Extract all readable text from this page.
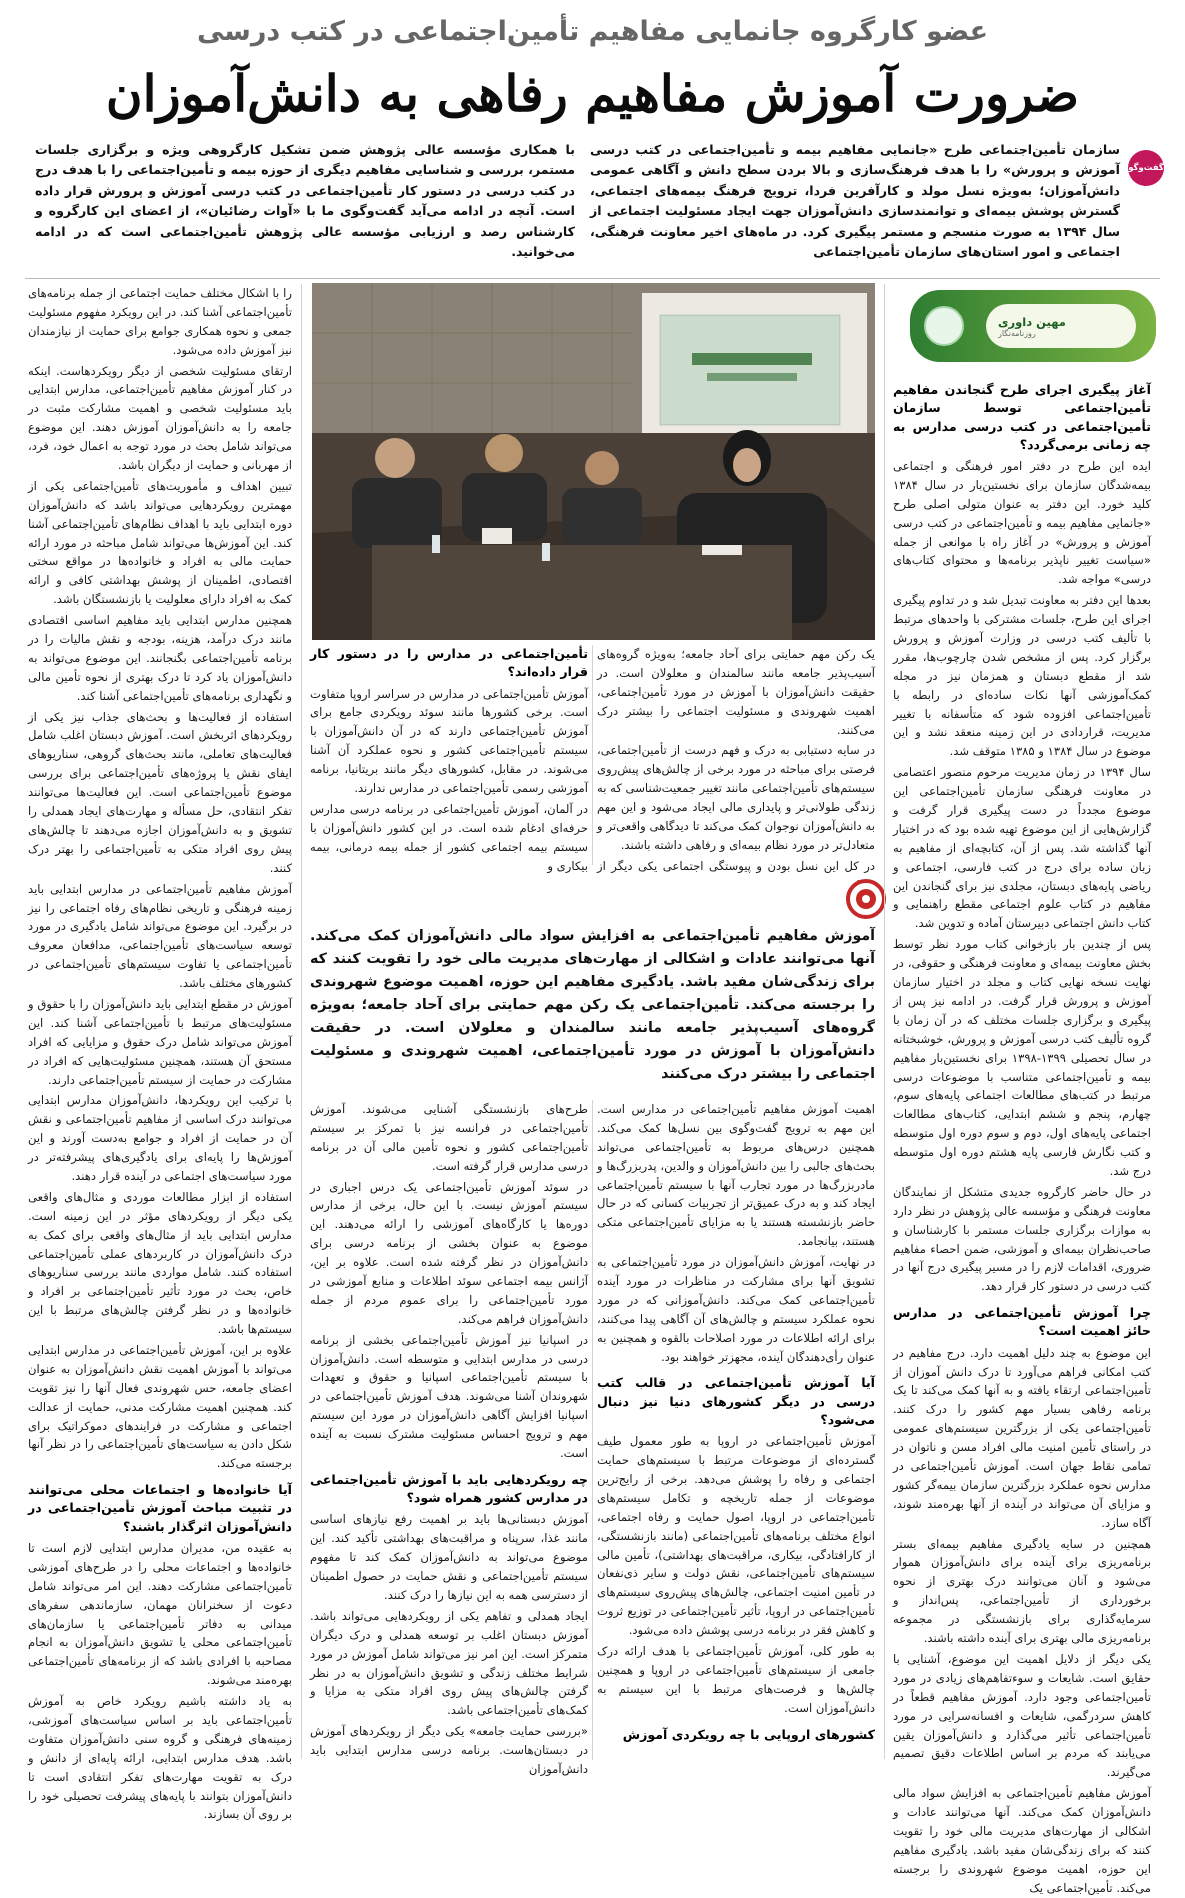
عضو کارگروه جانمایی مفاهیم تأمین‌اجتماعی در کتب درسی
ضرورت آموزش مفاهیم رفاهی به دانش‌آموزان
گفت‌وگو
سازمان تأمین‌اجتماعی طرح «جانمایی مفاهیم بیمه و تأمین‌اجتماعی در کتب درسی آموزش و پرورش» را با هدف فرهنگ‌سازی و بالا بردن سطح دانش و آگاهی عمومی دانش‌آموزان؛ به‌ویژه نسل مولد و کارآفرین فردا، ترویج فرهنگ بیمه‌های اجتماعی، گسترش پوشش بیمه‌ای و توانمندسازی دانش‌آموزان جهت ایجاد مسئولیت اجتماعی از سال ۱۳۹۴ به صورت منسجم و مستمر پیگیری کرد. در ماه‌های اخیر معاونت فرهنگی، اجتماعی و امور استان‌های سازمان تأمین‌اجتماعی
با همکاری مؤسسه عالی پژوهش ضمن تشکیل کارگروهی ویژه و برگزاری جلسات مستمر، بررسی و شناسایی مفاهیم دیگری از حوزه بیمه و تأمین‌اجتماعی را با هدف درج در کتب درسی در دستور کار تأمین‌اجتماعی در کتب درسی آموزش و پرورش قرار داده است. آنچه در ادامه می‌آید گفت‌وگوی ما با «آوات رضائیان»، از اعضای این کارگروه و کارشناس رصد و ارزیابی مؤسسه عالی پژوهش تأمین‌اجتماعی است که در ادامه می‌خوانید.
مهین داوری
روزنامه‌نگار
آغاز پیگیری اجرای طرح گنجاندن مفاهیم تأمین‌اجتماعی توسط سازمان تأمین‌اجتماعی در کتب درسی مدارس به چه زمانی برمی‌گردد؟

ایده این طرح در دفتر امور فرهنگی و اجتماعی بیمه‌شدگان سازمان برای نخستین‌بار در سال ۱۳۸۴ کلید خورد. این دفتر به عنوان متولی اصلی طرح «جانمایی مفاهیم بیمه و تأمین‌اجتماعی در کتب درسی آموزش و پرورش» در آغاز راه با موانعی از جمله «سیاست تغییر ناپذیر برنامه‌ها و محتوای کتاب‌های درسی» مواجه شد.

بعدها این دفتر به معاونت تبدیل شد و در تداوم پیگیری اجرای این طرح، جلسات مشترکی با واحدهای مرتبط با تألیف کتب درسی در وزارت آموزش و پرورش برگزار کرد. پس از مشخص شدن چارچوب‌ها، مقرر شد از مقطع دبستان و همزمان نیز در مجله کمک‌آموزشی آنها نکات ساده‌ای در رابطه با تأمین‌اجتماعی افزوده شود که متأسفانه با تغییر مدیریت، قراردادی در این زمینه منعقد نشد و این موضوع در سال ۱۳۸۴ و ۱۳۸۵ متوقف شد.

سال ۱۳۹۴ در زمان مدیریت مرحوم منصور اعتصامی در معاونت فرهنگی سازمان تأمین‌اجتماعی این موضوع مجدداً در دست پیگیری قرار گرفت و گزارش‌هایی از این موضوع تهیه شده بود که در اختیار آنها گذاشته شد. پس از آن، کتابچه‌ای از مفاهیم به زبان ساده برای درج در کتب فارسی، اجتماعی و ریاضی پایه‌های دبستان، مجلدی نیز برای گنجاندن این مفاهیم در کتاب علوم اجتماعی مقطع راهنمایی و کتاب دانش اجتماعی دبیرستان آماده و تدوین شد.

پس از چندین بار بازخوانی کتاب مورد نظر توسط بخش معاونت بیمه‌ای و معاونت فرهنگی و حقوقی، در نهایت نسخه نهایی کتاب و مجلد در اختیار سازمان آموزش و پرورش قرار گرفت. در ادامه نیز پس از پیگیری و برگزاری جلسات مختلف که در آن زمان با گروه تألیف کتب درسی آموزش و پرورش، خوشبختانه در سال تحصیلی ۱۳۹۹-۱۳۹۸ برای نخستین‌بار مفاهیم بیمه و تأمین‌اجتماعی متناسب با موضوعات درسی مرتبط در کتب‌های مطالعات اجتماعی پایه‌های سوم، چهارم، پنجم و ششم ابتدایی، کتاب‌های مطالعات اجتماعی پایه‌های اول، دوم و سوم دوره اول متوسطه و کتب نگارش فارسی پایه هشتم دوره اول متوسطه درج شد.

در حال حاضر کارگروه جدیدی متشکل از نمایندگان معاونت فرهنگی و مؤسسه عالی پژوهش در نظر دارد به موازات برگزاری جلسات مستمر با کارشناسان و صاحب‌نظران بیمه‌ای و آموزشی، ضمن احصاء مفاهیم ضروری، اقدامات لازم را در مسیر پیگیری درج آنها در کتب درسی در دستور کار قرار دهد.

چرا آموزش تأمین‌اجتماعی در مدارس حائز اهمیت است؟

این موضوع به چند دلیل اهمیت دارد. درج مفاهیم در کتب امکانی فراهم می‌آورد تا درک دانش آموزان از تأمین‌اجتماعی ارتقاء یافته و به آنها کمک می‌کند تا یک برنامه رفاهی بسیار مهم کشور را درک کنند. تأمین‌اجتماعی یکی از بزرگترین سیستم‌های عمومی در راستای تأمین امنیت مالی افراد مسن و ناتوان در تمامی نقاط جهان است. آموزش تأمین‌اجتماعی در مدارس نحوه عملکرد بزرگترین سازمان بیمه‌گر کشور و مزایای آن می‌تواند در آینده از آنها بهره‌مند شوند، آگاه سازد.

همچنین در سایه یادگیری مفاهیم بیمه‌ای بستر برنامه‌ریزی برای آینده برای دانش‌آموزان هموار می‌شود و آنان می‌توانند درک بهتری از نحوه برخورداری از تأمین‌اجتماعی، پس‌انداز و سرمایه‌گذاری برای بازنشستگی در مجموعه برنامه‌ریزی مالی بهتری برای آینده داشته باشند.

یکی دیگر از دلایل اهمیت این موضوع، آشنایی با حقایق است. شایعات و سوءتفاهم‌های زیادی در مورد تأمین‌اجتماعی وجود دارد. آموزش مفاهیم قطعاً در کاهش سردرگمی، شایعات و افسانه‌سرایی در مورد تأمین‌اجتماعی تأثیر می‌گذارد و دانش‌آموزان یقین می‌یابند که مردم بر اساس اطلاعات دقیق تصمیم می‌گیرند.

آموزش مفاهیم تأمین‌اجتماعی به افزایش سواد مالی دانش‌آموزان کمک می‌کند. آنها می‌توانند عادات و اشکالی از مهارت‌های مدیریت مالی خود را تقویت کنند که برای زندگی‌شان مفید باشد. یادگیری مفاهیم این حوزه، اهمیت موضوع شهروندی را برجسته می‌کند. تأمین‌اجتماعی یک

یک رکن مهم حمایتی برای آحاد جامعه؛ به‌ویژه گروه‌های آسیب‌پذیر جامعه مانند سالمندان و معلولان است. در حقیقت دانش‌آموزان با آموزش در مورد تأمین‌اجتماعی، اهمیت شهروندی و مسئولیت اجتماعی را بیشتر درک می‌کنند.

در سایه دستیابی به درک و فهم درست از تأمین‌اجتماعی، فرصتی برای مباحثه در مورد برخی از چالش‌های پیش‌روی سیستم‌های تأمین‌اجتماعی مانند تغییر جمعیت‌شناسی که به زندگی طولانی‌تر و پایداری مالی ایجاد می‌شود و این مهم به دانش‌آموزان نوجوان کمک می‌کند تا دیدگاهی واقعی‌تر و متعادل‌تر در مورد نظام بیمه‌ای و رفاهی داشته باشند.

در کل این نسل بودن و پیوستگی اجتماعی یکی دیگر از

تأمین‌اجتماعی در مدارس را در دستور کار قرار داده‌اند؟

آموزش تأمین‌اجتماعی در مدارس در سراسر اروپا متفاوت است. برخی کشورها مانند سوئد رویکردی جامع برای آموزش تأمین‌اجتماعی دارند که در آن دانش‌آموزان با سیستم تأمین‌اجتماعی کشور و نحوه عملکرد آن آشنا می‌شوند. در مقابل، کشورهای دیگر مانند بریتانیا، برنامه آموزشی رسمی تأمین‌اجتماعی در مدارس ندارند.

در آلمان، آموزش تأمین‌اجتماعی در برنامه درسی مدارس حرفه‌ای ادغام شده است. در این کشور دانش‌آموزان با سیستم بیمه اجتماعی کشور از جمله بیمه درمانی، بیمه بیکاری و

آموزش مفاهیم تأمین‌اجتماعی به افزایش سواد مالی دانش‌آموزان کمک می‌کند. آنها می‌توانند عادات و اشکالی از مهارت‌های مدیریت مالی خود را تقویت کنند که برای زندگی‌شان مفید باشد. یادگیری مفاهیم این حوزه، اهمیت موضوع شهروندی را برجسته می‌کند. تأمین‌اجتماعی یک رکن مهم حمایتی برای آحاد جامعه؛ به‌ویژه گروه‌های آسیب‌پذیر جامعه مانند سالمندان و معلولان است. در حقیقت دانش‌آموزان با آموزش در مورد تأمین‌اجتماعی، اهمیت شهروندی و مسئولیت اجتماعی را بیشتر درک می‌کنند

را با اشکال مختلف حمایت اجتماعی از جمله برنامه‌های تأمین‌اجتماعی آشنا کند. در این رویکرد مفهوم مسئولیت جمعی و نحوه همکاری جوامع برای حمایت از نیازمندان نیز آموزش داده می‌شود.

ارتقای مسئولیت شخصی از دیگر رویکردهاست. اینکه در کنار آموزش مفاهیم تأمین‌اجتماعی، مدارس ابتدایی باید مسئولیت شخصی و اهمیت مشارکت مثبت در جامعه را به دانش‌آموزان آموزش دهند. این موضوع می‌تواند شامل بحث در مورد توجه به اعمال خود، فرد، از مهربانی و حمایت از دیگران باشد.

تبیین اهداف و مأموریت‌های تأمین‌اجتماعی یکی از مهمترین رویکردهایی می‌تواند باشد که دانش‌آموزان دوره ابتدایی باید با اهداف نظام‌های تأمین‌اجتماعی آشنا کند. این آموزش‌ها می‌تواند شامل مباحثه در مورد ارائه حمایت مالی به افراد و خانواده‌ها در مواقع سختی اقتصادی، اطمینان از پوشش بهداشتی کافی و ارائه کمک به افراد دارای معلولیت یا بازنشستگان باشد.

همچنین مدارس ابتدایی باید مفاهیم اساسی اقتصادی مانند درک درآمد، هزینه، بودجه و نقش مالیات را در برنامه تأمین‌اجتماعی بگنجانند. این موضوع می‌تواند به دانش‌آموزان یاد کرد تا درک بهتری از نحوه تأمین مالی و نگهداری برنامه‌های تأمین‌اجتماعی آشنا کند.

استفاده از فعالیت‌ها و بحث‌های جذاب نیز یکی از رویکردهای اثربخش است. آموزش دبستان اغلب شامل فعالیت‌های تعاملی، مانند بحث‌های گروهی، سناریوهای ایفای نقش یا پروژه‌های تأمین‌اجتماعی برای بررسی موضوع تأمین‌اجتماعی است. این فعالیت‌ها می‌توانند تفکر انتقادی، حل مسأله و مهارت‌های ایجاد همدلی را تشویق و به دانش‌آموزان اجازه می‌دهند تا چالش‌های پیش روی افراد متکی به تأمین‌اجتماعی را بهتر درک کنند.

آموزش مفاهیم تأمین‌اجتماعی در مدارس ابتدایی باید زمینه فرهنگی و تاریخی نظام‌های رفاه اجتماعی را نیز در برگیرد. این موضوع می‌تواند شامل یادگیری در مورد توسعه سیاست‌های تأمین‌اجتماعی، مدافعان معروف تأمین‌اجتماعی یا تفاوت سیستم‌های تأمین‌اجتماعی در کشورهای مختلف باشد.

آموزش در مقطع ابتدایی باید دانش‌آموزان را با حقوق و مسئولیت‌های مرتبط با تأمین‌اجتماعی آشنا کند. این آموزش می‌تواند شامل درک حقوق و مزایایی که افراد مستحق آن هستند، همچنین مسئولیت‌هایی که افراد در مشارکت در حمایت از سیستم تأمین‌اجتماعی دارند.

با ترکیب این رویکردها، دانش‌آموزان مدارس ابتدایی می‌توانند درک اساسی از مفاهیم تأمین‌اجتماعی و نقش آن در حمایت از افراد و جوامع به‌دست آورند و این آموزش‌ها را پایه‌ای برای یادگیری‌های پیشرفته‌تر در مورد سیاست‌های اجتماعی در آینده قرار دهند.

استفاده از ابزار مطالعات موردی و مثال‌های واقعی یکی دیگر از رویکردهای مؤثر در این زمینه است. مدارس ابتدایی باید از مثال‌های واقعی برای کمک به درک دانش‌آموزان در کاربردهای عملی تأمین‌اجتماعی استفاده کنند. شامل مواردی مانند بررسی سناریوهای خاص، بحث در مورد تأثیر تأمین‌اجتماعی بر افراد و خانواده‌ها و در نظر گرفتن چالش‌های مرتبط با این سیستم‌ها باشد.

علاوه بر این، آموزش تأمین‌اجتماعی در مدارس ابتدایی می‌تواند با آموزش اهمیت نقش دانش‌آموزان به عنوان اعضای جامعه، حس شهروندی فعال آنها را نیز تقویت کند. همچنین اهمیت مشارکت مدنی، حمایت از عدالت اجتماعی و مشارکت در فرایندهای دموکراتیک برای شکل دادن به سیاست‌های تأمین‌اجتماعی را در نظر آنها برجسته می‌کند.

آیا خانواده‌ها و اجتماعات محلی می‌توانند در تثبیت مباحث آموزش تأمین‌اجتماعی در دانش‌آموزان اثرگذار باشند؟

به عقیده من، مدیران مدارس ابتدایی لازم است تا خانواده‌ها و اجتماعات محلی را در طرح‌های آموزشی تأمین‌اجتماعی مشارکت دهند. این امر می‌تواند شامل دعوت از سخنرانان مهمان، سازماندهی سفرهای میدانی به دفاتر تأمین‌اجتماعی یا سازمان‌های تأمین‌اجتماعی محلی یا تشویق دانش‌آموزان به انجام مصاحبه با افرادی باشد که از برنامه‌های تأمین‌اجتماعی بهره‌مند می‌شوند.

به یاد داشته باشیم رویکرد خاص به آموزش تأمین‌اجتماعی باید بر اساس سیاست‌های آموزشی، زمینه‌های فرهنگی و گروه سنی دانش‌آموزان متفاوت باشد. هدف مدارس ابتدایی، ارائه پایه‌ای از دانش و درک به تقویت مهارت‌های تفکر انتقادی است تا دانش‌آموزان بتوانند با پایه‌های پیشرفت تحصیلی خود را بر روی آن بسازند.

اهمیت آموزش مفاهیم تأمین‌اجتماعی در مدارس است. این مهم به ترویج گفت‌وگوی بین نسل‌ها کمک می‌کند. همچنین درس‌های مربوط به تأمین‌اجتماعی می‌تواند بحث‌های جالبی را بین دانش‌آموزان و والدین، پدربزرگ‌ها و مادربزرگ‌ها در مورد تجارب آنها با سیستم تأمین‌اجتماعی ایجاد کند و به درک عمیق‌تر از تجربیات کسانی که در حال حاضر بازنشسته هستند یا به مزایای تأمین‌اجتماعی متکی هستند، بیانجامد.

در نهایت، آموزش دانش‌آموزان در مورد تأمین‌اجتماعی به تشویق آنها برای مشارکت در مناظرات در مورد آینده تأمین‌اجتماعی کمک می‌کند. دانش‌آموزانی که در مورد نحوه عملکرد سیستم و چالش‌های آن آگاهی پیدا می‌کنند، برای ارائه اطلاعات در مورد اصلاحات بالقوه و همچنین به عنوان رأی‌دهندگان آینده، مجهزتر خواهند بود.

آیا آموزش تأمین‌اجتماعی در قالب کتب درسی در دیگر کشورهای دنیا نیز دنبال می‌شود؟

آموزش تأمین‌اجتماعی در اروپا به طور معمول طیف گسترده‌ای از موضوعات مرتبط با سیستم‌های حمایت اجتماعی و رفاه را پوشش می‌دهد. برخی از رایج‌ترین موضوعات از جمله تاریخچه و تکامل سیستم‌های تأمین‌اجتماعی در اروپا، اصول حمایت و رفاه اجتماعی، انواع مختلف برنامه‌های تأمین‌اجتماعی (مانند بازنشستگی، از کارافتادگی، بیکاری، مراقبت‌های بهداشتی)، تأمین مالی سیستم‌های تأمین‌اجتماعی، نقش دولت و سایر ذی‌نفعان در تأمین امنیت اجتماعی، چالش‌های پیش‌روی سیستم‌های تأمین‌اجتماعی در اروپا، تأثیر تأمین‌اجتماعی در توزیع ثروت و کاهش فقر در برنامه درسی پوشش داده می‌شود.

به طور کلی، آموزش تأمین‌اجتماعی با هدف ارائه درک جامعی از سیستم‌های تأمین‌اجتماعی در اروپا و همچنین چالش‌ها و فرصت‌های مرتبط با این سیستم به دانش‌آموزان است.

کشورهای اروپایی با چه رویکردی آموزش

طرح‌های بازنشستگی آشنایی می‌شوند. آموزش تأمین‌اجتماعی در فرانسه نیز با تمرکز بر سیستم تأمین‌اجتماعی کشور و نحوه تأمین مالی آن در برنامه درسی مدارس قرار گرفته است.

در سوئد آموزش تأمین‌اجتماعی یک درس اجباری در سیستم آموزش نیست. با این حال، برخی از مدارس دوره‌ها یا کارگاه‌های آموزشی را ارائه می‌دهند. این موضوع به عنوان بخشی از برنامه درسی برای دانش‌آموزان در نظر گرفته شده است. علاوه بر این، آژانس بیمه اجتماعی سوئد اطلاعات و منابع آموزشی در مورد تأمین‌اجتماعی را برای عموم مردم از جمله دانش‌آموزان فراهم می‌کند.

در اسپانیا نیز آموزش تأمین‌اجتماعی بخشی از برنامه درسی در مدارس ابتدایی و متوسطه است. دانش‌آموزان با سیستم تأمین‌اجتماعی اسپانیا و حقوق و تعهدات شهروندان آشنا می‌شوند. هدف آموزش تأمین‌اجتماعی در اسپانیا افزایش آگاهی دانش‌آموزان در مورد این سیستم مهم و ترویج احساس مسئولیت مشترک نسبت به آینده است.

چه رویکردهایی باید با آموزش تأمین‌اجتماعی در مدارس کشور همراه شود؟

آموزش دبستانی‌ها باید بر اهمیت رفع نیازهای اساسی مانند غذا، سرپناه و مراقبت‌های بهداشتی تأکید کند. این موضوع می‌تواند به دانش‌آموزان کمک کند تا مفهوم سیستم تأمین‌اجتماعی و نقش حمایت در حصول اطمینان از دسترسی همه به این نیازها را درک کنند.

ایجاد همدلی و تفاهم یکی از رویکردهایی می‌تواند باشد. آموزش دبستان اغلب بر توسعه همدلی و درک دیگران متمرکز است. این امر نیز می‌تواند شامل آموزش در مورد شرایط مختلف زندگی و تشویق دانش‌آموزان به در نظر گرفتن چالش‌های پیش روی افراد متکی به مزایا و کمک‌های تأمین‌اجتماعی باشد.

«بررسی حمایت جامعه» یکی دیگر از رویکردهای آموزش در دبستان‌هاست. برنامه درسی مدارس ابتدایی باید دانش‌آموزان
